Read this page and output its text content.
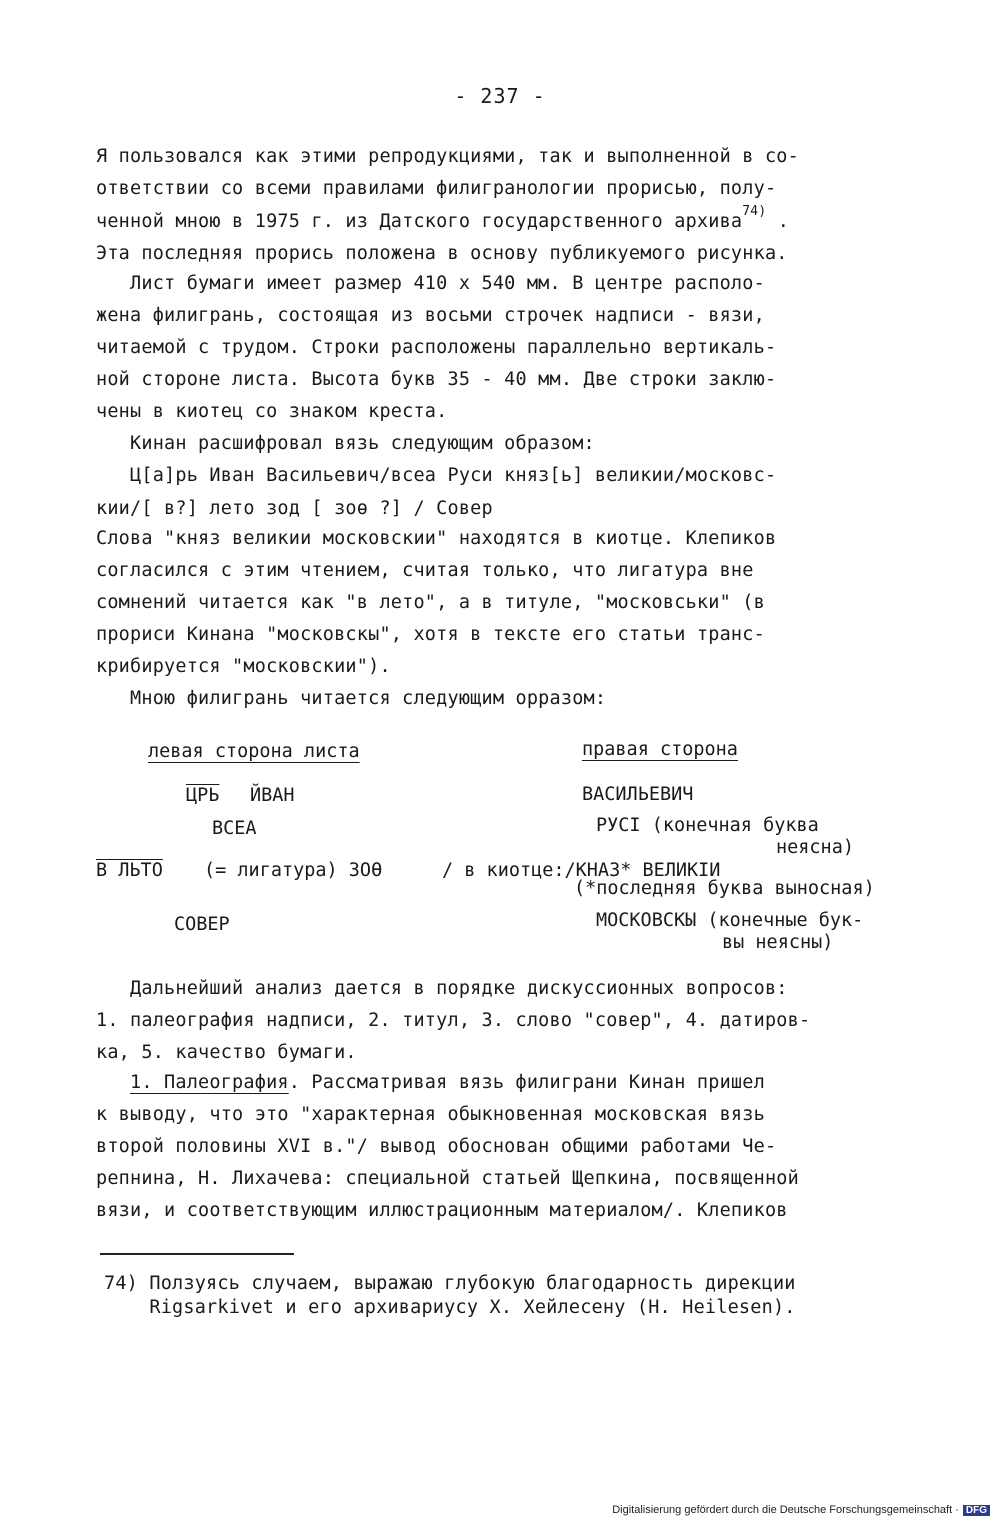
- 237 -
Я пользовался как этими репродукциями, так и выполненной в со-
ответствии со всеми правилами филигранологии прорисью, полу-
ченной мною в 1975 г. из Датского государственного архива$^{74)}$ .
Эта последняя прорись положена в основу публикуемого рисунка.
Лист бумаги имеет размер 410 x 540 мм. В центре располо-
жена филигрань, состоящая из восьми строчек надписи - вязи,
читаемой с трудом. Строки расположены параллельно вертикаль-
ной стороне листа. Высота букв 35 - 40 мм. Две строки заклю-
чены в киотец со знаком креста.
Кинан расшифровал вязь следующим образом:
Ц[а]рь Иван Васильевич/всеа Руси княз[ь] великии/московс-
кии/[ в?] лето зод [ зоѳ ?] / Совер
Слова "княз великии московскии" находятся в киотце. Клепиков
согласился с этим чтением, считая только, что лигатура вне
сомнений читается как "в лето", а в титуле, "московськи" (в
прориси Кинана "московскы", хотя в тексте его статьи транс-
крибируется "московскии").
Мною филигрань читается следующим орразом:
левая сторона листа	правая сторона
ЦРЬ ЙВАН
ВСЕА
В ЛЬТО (= лигатура) ЗОѲ
СОВЕР
ВАСИЛЬЕВИЧ
РУСІ (конечная буква
неясна)
/ в киотце:/КНАЗ* ВЕЛИКІИ
(*последняя буква выносная)
МОСКОВСКЫ (конечные бук-
вы неясны)
Дальнейший анализ дается в порядке дискуссионных вопросов:
1. палеография надписи, 2. титул, 3. слово "совер", 4. датиров-
ка, 5. качество бумаги.
1. Палеография. Рассматривая вязь филиграни Кинан пришел
к выводу, что это "характерная обыкновенная московская вязь
второй половины XVI в."/ вывод обоснован общими работами Че-
репнина, Н. Лихачева: специальной статьей Щепкина, посвященной
вязи, и соответствующим иллюстрационным материалом/. Клепиков
74) Ползуясь случаем, выражаю глубокую благодарность дирекции
Rigsarkivet и его архивариусу Х. Хейлесену (H. Heilesen).
Digitalisierung gefördert durch die Deutsche Forschungsgemeinschaft · DFG
